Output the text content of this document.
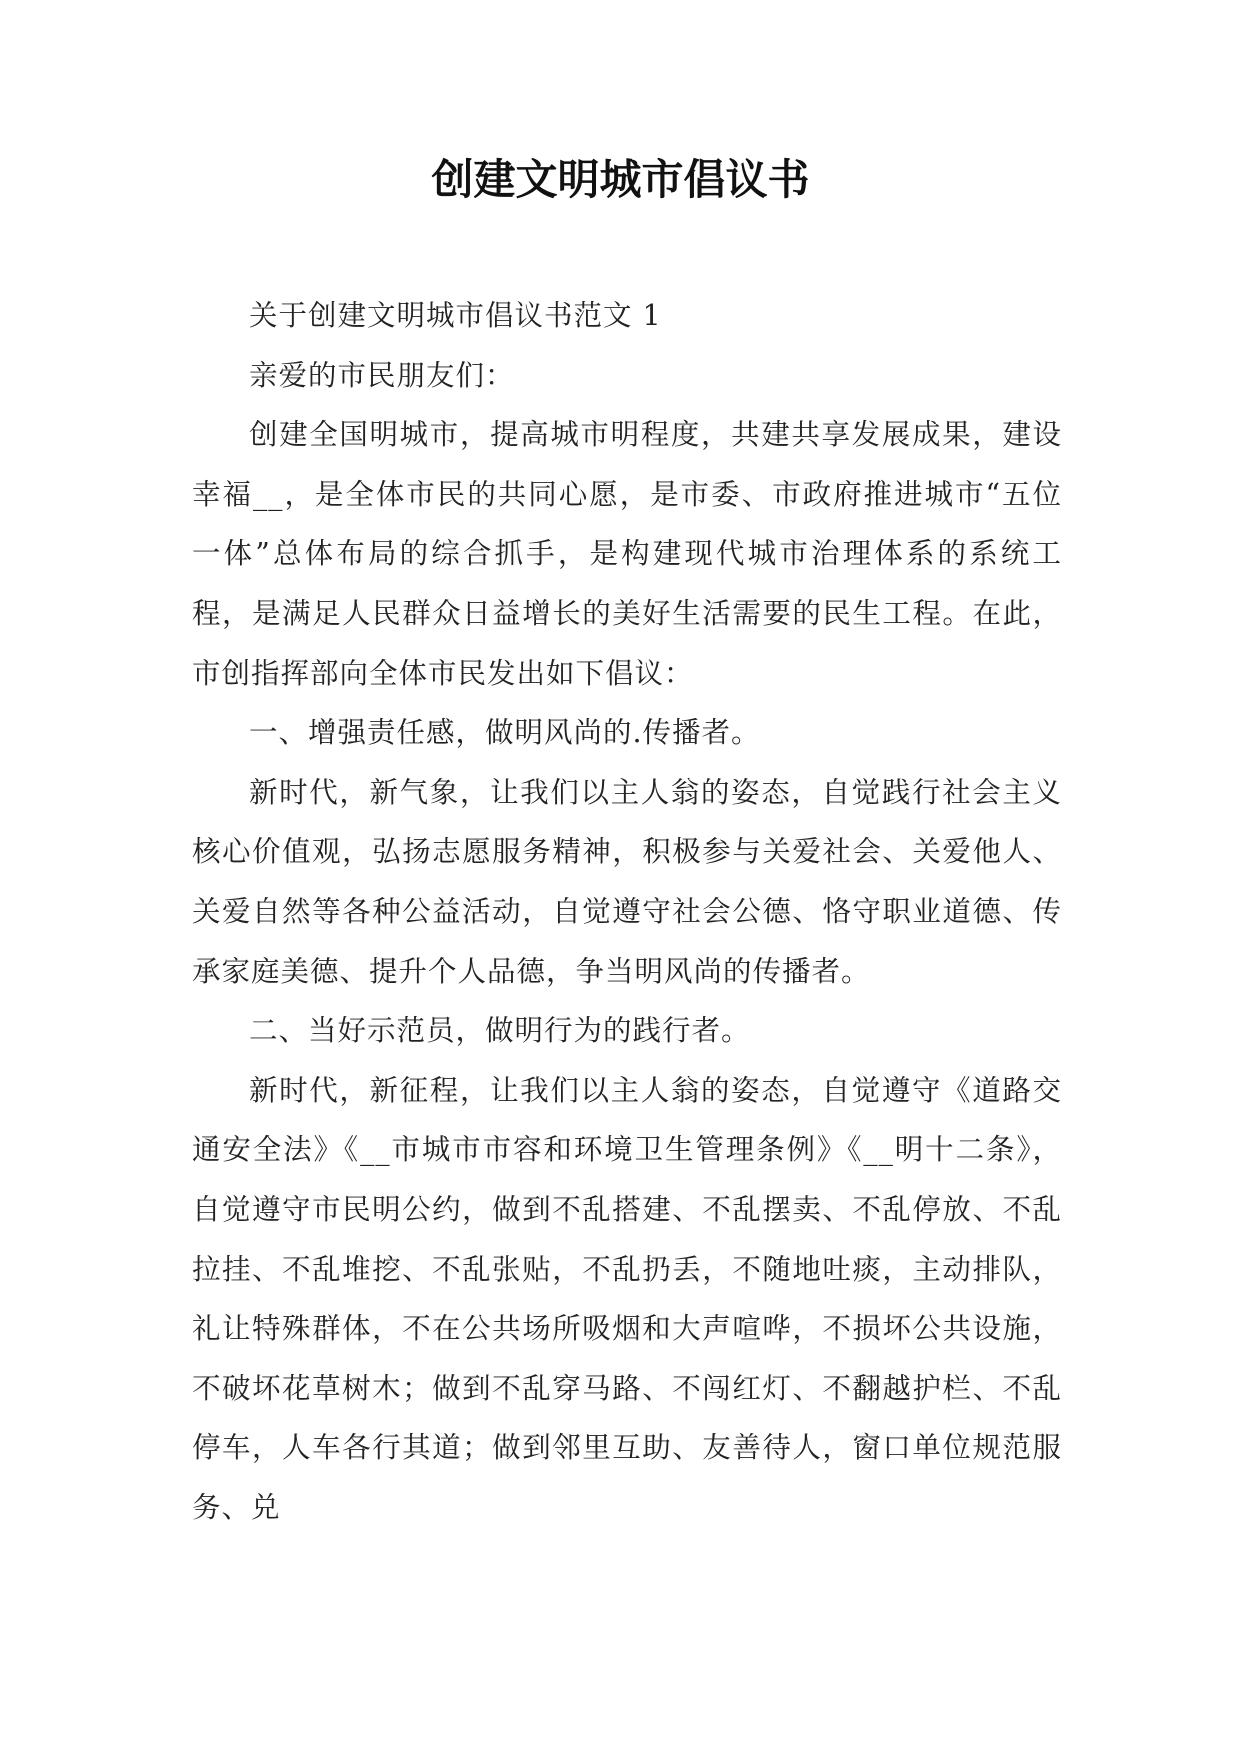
创建文明城市倡议书

关于创建文明城市倡议书范文 1

亲爱的市民朋友们：

创建全国明城市，提高城市明程度，共建共享发展成果，建设幸福__，是全体市民的共同心愿，是市委、市政府推进城市“五位一体”总体布局的综合抓手，是构建现代城市治理体系的系统工程，是满足人民群众日益增长的美好生活需要的民生工程。在此，市创指挥部向全体市民发出如下倡议：

一、增强责任感，做明风尚的.传播者。

新时代，新气象，让我们以主人翁的姿态，自觉践行社会主义核心价值观，弘扬志愿服务精神，积极参与关爱社会、关爱他人、关爱自然等各种公益活动，自觉遵守社会公德、恪守职业道德、传承家庭美德、提升个人品德，争当明风尚的传播者。

二、当好示范员，做明行为的践行者。

新时代，新征程，让我们以主人翁的姿态，自觉遵守《道路交通安全法》《__市城市市容和环境卫生管理条例》《__明十二条》，自觉遵守市民明公约，做到不乱搭建、不乱摆卖、不乱停放、不乱拉挂、不乱堆挖、不乱张贴，不乱扔丢，不随地吐痰，主动排队，礼让特殊群体，不在公共场所吸烟和大声喧哗，不损坏公共设施，不破坏花草树木；做到不乱穿马路、不闯红灯、不翻越护栏、不乱停车，人车各行其道；做到邻里互助、友善待人，窗口单位规范服务、兑
